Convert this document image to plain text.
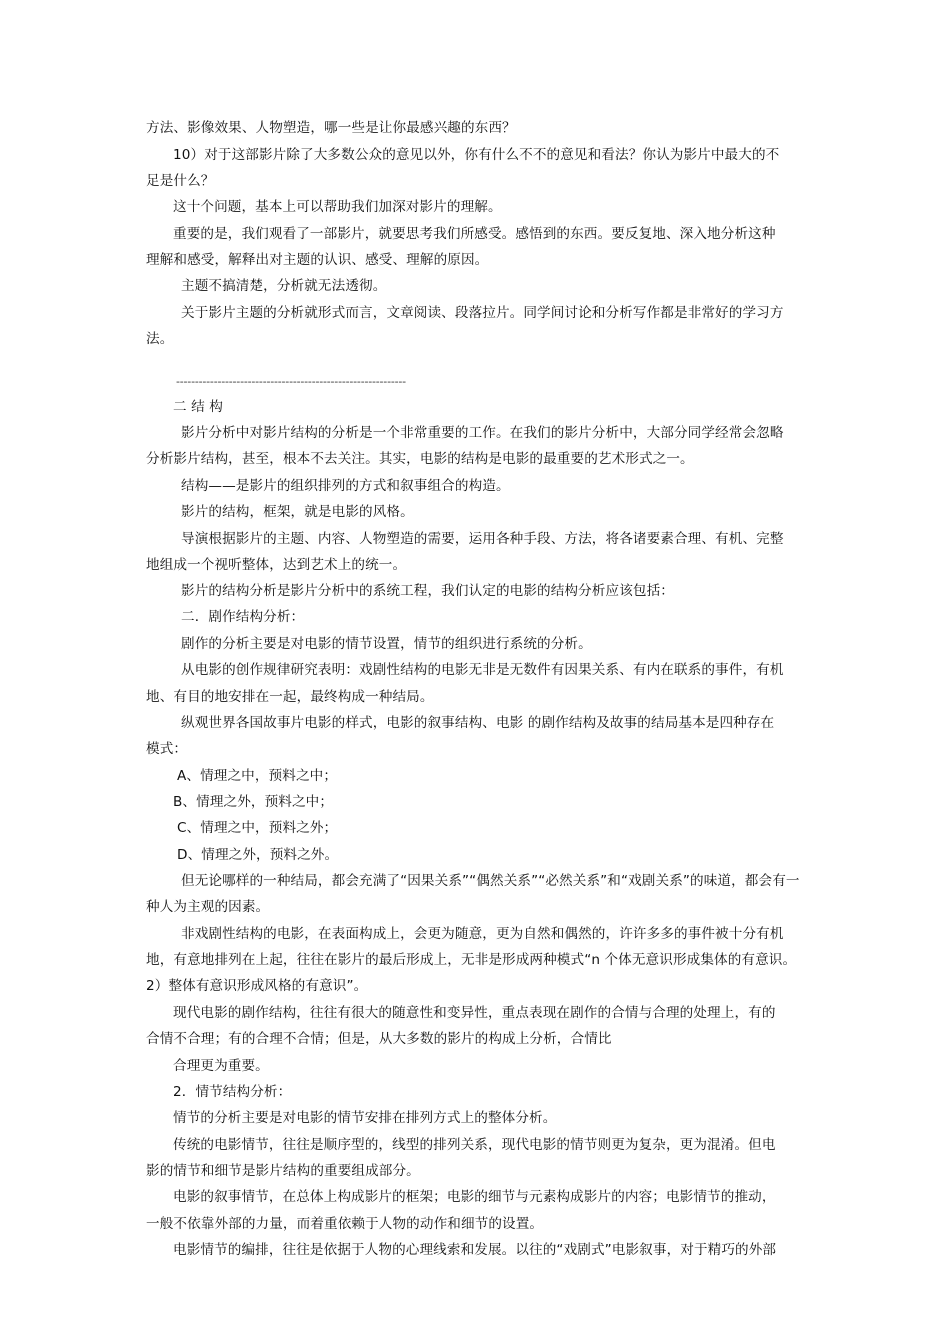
方法、影像效果、人物塑造，哪一些是让你最感兴趣的东西？
10）对于这部影片除了大多数公众的意见以外，你有什么不不的意见和看法？你认为影片中最大的不
足是什么？
这十个问题，基本上可以帮助我们加深对影片的理解。
重要的是，我们观看了一部影片，就要思考我们所感受。感悟到的东西。要反复地、深入地分析这种
理解和感受，解释出对主题的认识、感受、理解的原因。
主题不搞清楚，分析就无法透彻。
关于影片主题的分析就形式而言，文章阅读、段落拉片。同学间讨论和分析写作都是非常好的学习方
法。
-------------------------------------------------------------
二 结 构
影片分析中对影片结构的分析是一个非常重要的工作。在我们的影片分析中，大部分同学经常会忽略
分析影片结构，甚至，根本不去关注。其实，电影的结构是电影的最重要的艺术形式之一。
结构——是影片的组织排列的方式和叙事组合的构造。
影片的结构，框架，就是电影的风格。
导演根据影片的主题、内容、人物塑造的需要，运用各种手段、方法，将各诸要素合理、有机、完整
地组成一个视听整体，达到艺术上的统一。
影片的结构分析是影片分析中的系统工程，我们认定的电影的结构分析应该包括：
二．剧作结构分析：
剧作的分析主要是对电影的情节设置，情节的组织进行系统的分析。
从电影的创作规律研究表明：戏剧性结构的电影无非是无数件有因果关系、有内在联系的事件，有机
地、有目的地安排在一起，最终构成一种结局。
纵观世界各国故事片电影的样式，电影的叙事结构、电影 的剧作结构及故事的结局基本是四种存在
模式：
A、情理之中，预料之中；
B、情理之外，预料之中；
C、情理之中，预料之外；
D、情理之外，预料之外。
但无论哪样的一种结局，都会充满了“因果关系”“偶然关系”“必然关系”和“戏剧关系”的味道，都会有一
种人为主观的因素。
非戏剧性结构的电影，在表面构成上，会更为随意，更为自然和偶然的，许许多多的事件被十分有机
地，有意地排列在上起，往往在影片的最后形成上，无非是形成两种模式“n 个体无意识形成集体的有意识。
2）整体有意识形成风格的有意识”。
现代电影的剧作结构，往往有很大的随意性和变异性，重点表现在剧作的合情与合理的处理上，有的
合情不合理；有的合理不合情；但是，从大多数的影片的构成上分析，合情比
合理更为重要。
2．情节结构分析：
情节的分析主要是对电影的情节安排在排列方式上的整体分析。
传统的电影情节，往往是顺序型的，线型的排列关系，现代电影的情节则更为复杂，更为混淆。但电
影的情节和细节是影片结构的重要组成部分。
电影的叙事情节，在总体上构成影片的框架；电影的细节与元素构成影片的内容；电影情节的推动，
一般不依靠外部的力量，而着重依赖于人物的动作和细节的设置。
电影情节的编排，往往是依据于人物的心理线索和发展。以往的“戏剧式”电影叙事，对于精巧的外部
